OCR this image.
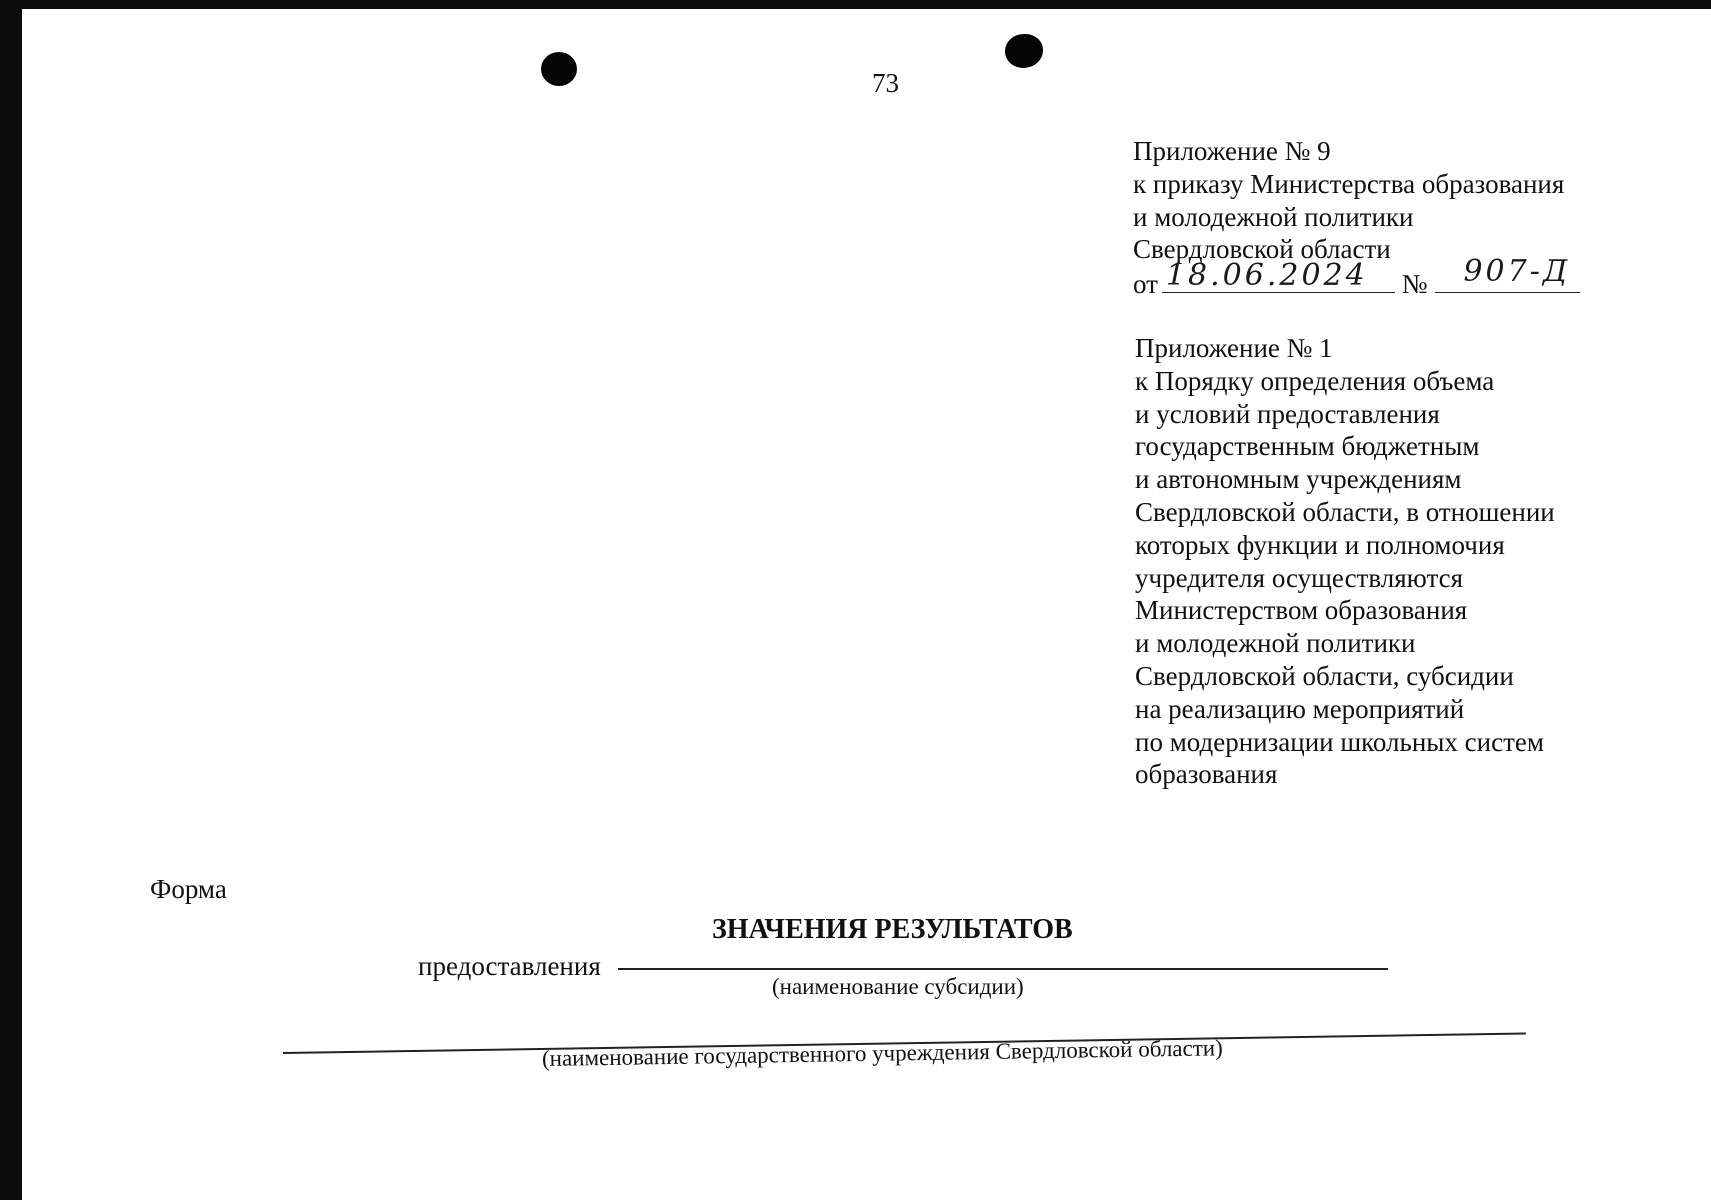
73
Приложение № 9
к приказу Министерства образования
и молодежной политики
Свердловской области
от 18.06.2024 № 907-Д
Приложение № 1
к Порядку определения объема
и условий предоставления
государственным бюджетным
и автономным учреждениям
Свердловской области, в отношении
которых функции и полномочия
учредителя осуществляются
Министерством образования
и молодежной политики
Свердловской области, субсидии
на реализацию мероприятий
по модернизации школьных систем
образования
Форма
ЗНАЧЕНИЯ РЕЗУЛЬТАТОВ
предоставления
(наименование субсидии)
(наименование государственного учреждения Свердловской области)
